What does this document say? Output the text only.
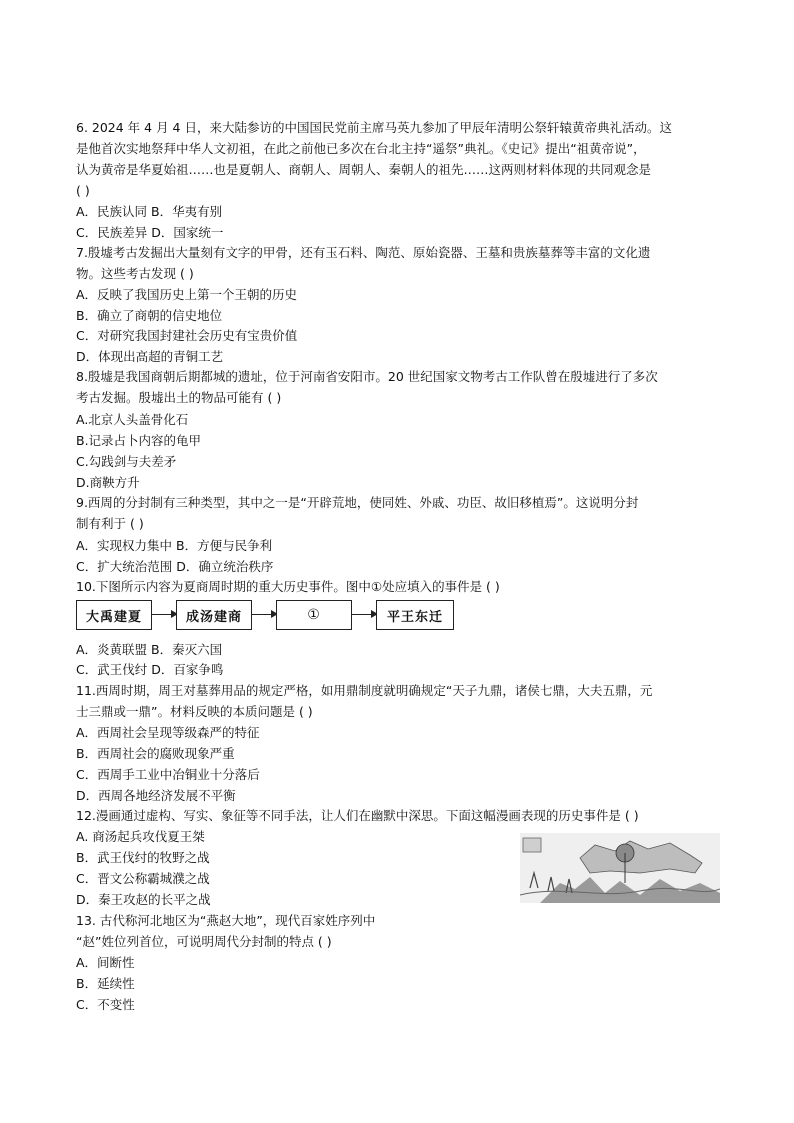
6. 2024 年 4 月 4 日，来大陆参访的中国国民党前主席马英九参加了甲辰年清明公祭轩辕黄帝典礼活动。这
是他首次实地祭拜中华人文初祖，在此之前他已多次在台北主持“遥祭”典礼。《史记》提出“祖黄帝说”，
认为黄帝是华夏始祖……也是夏朝人、商朝人、周朝人、秦朝人的祖先……这两则材料体现的共同观念是
( )
A．民族认同 B．华夷有别
C．民族差异 D．国家统一
7.殷墟考古发掘出大量刻有文字的甲骨，还有玉石料、陶范、原始瓷器、王墓和贵族墓葬等丰富的文化遗
物。这些考古发现 ( )
A．反映了我国历史上第一个王朝的历史
B．确立了商朝的信史地位
C．对研究我国封建社会历史有宝贵价值
D．体现出高超的青铜工艺
8.殷墟是我国商朝后期都城的遗址，位于河南省安阳市。20 世纪国家文物考古工作队曾在殷墟进行了多次
考古发掘。殷墟出土的物品可能有 ( )
A.北京人头盖骨化石
B.记录占卜内容的龟甲
C.勾践剑与夫差矛
D.商鞅方升
9.西周的分封制有三种类型，其中之一是“开辟荒地，使同姓、外戚、功臣、故旧移植焉”。这说明分封
制有利于 ( )
A．实现权力集中 B．方便与民争利
C．扩大统治范围 D．确立统治秩序
10.下图所示内容为夏商周时期的重大历史事件。图中①处应填入的事件是 ( )
大禹建夏	成汤建商	①	平王东迁
A．炎黄联盟 B．秦灭六国
C．武王伐纣 D．百家争鸣
11.西周时期，周王对墓葬用品的规定严格，如用鼎制度就明确规定“天子九鼎，诸侯七鼎，大夫五鼎，元
士三鼎或一鼎”。材料反映的本质问题是 ( )
A．西周社会呈现等级森严的特征
B．西周社会的腐败现象严重
C．西周手工业中冶铜业十分落后
D．西周各地经济发展不平衡
12.漫画通过虚构、写实、象征等不同手法，让人们在幽默中深思。下面这幅漫画表现的历史事件是 ( )
A. 商汤起兵攻伐夏王桀
B．武王伐纣的牧野之战
C．晋文公称霸城濮之战
D．秦王攻赵的长平之战
13. 古代称河北地区为“燕赵大地”，现代百家姓序列中
“赵”姓位列首位，可说明周代分封制的特点 ( )
A．间断性
B．延续性
C．不变性
